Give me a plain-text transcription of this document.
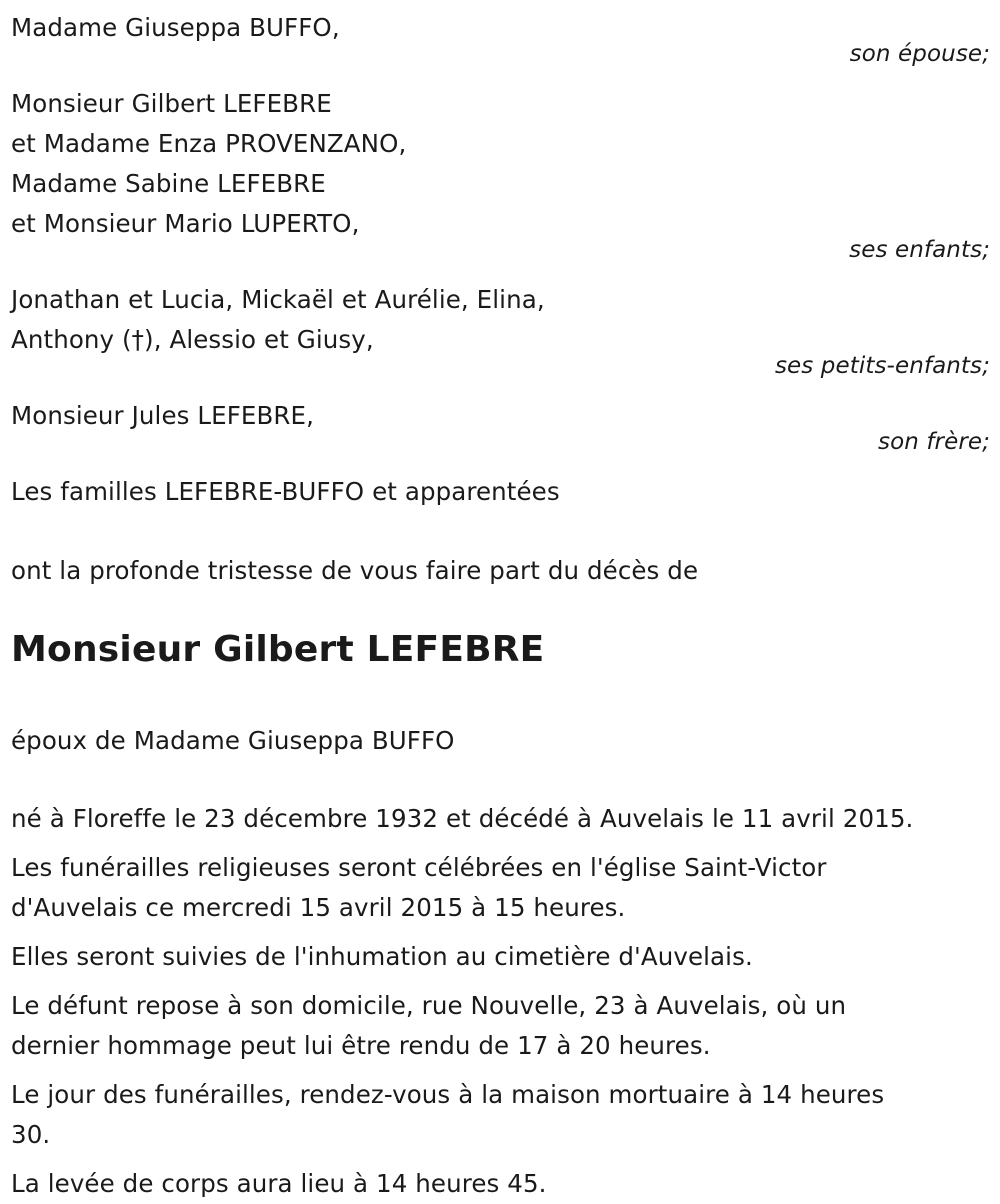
Madame Giuseppa BUFFO,
son épouse;
Monsieur Gilbert LEFEBRE
et Madame Enza PROVENZANO,
Madame Sabine LEFEBRE
et Monsieur Mario LUPERTO,
ses enfants;
Jonathan et Lucia, Mickaël et Aurélie, Elina,
Anthony (†), Alessio et Giusy,
ses petits-enfants;
Monsieur Jules LEFEBRE,
son frère;
Les familles LEFEBRE-BUFFO et apparentées
ont la profonde tristesse de vous faire part du décès de
Monsieur Gilbert LEFEBRE
époux de Madame Giuseppa BUFFO
né à Floreffe le 23 décembre 1932 et décédé à Auvelais le 11 avril 2015.
Les funérailles religieuses seront célébrées en l'église Saint-Victor
d'Auvelais ce mercredi 15 avril 2015 à 15 heures.
Elles seront suivies de l'inhumation au cimetière d'Auvelais.
Le défunt repose à son domicile, rue Nouvelle, 23 à Auvelais, où un
dernier hommage peut lui être rendu de 17 à 20 heures.
Le jour des funérailles, rendez-vous à la maison mortuaire à 14 heures
30.
La levée de corps aura lieu à 14 heures 45.
